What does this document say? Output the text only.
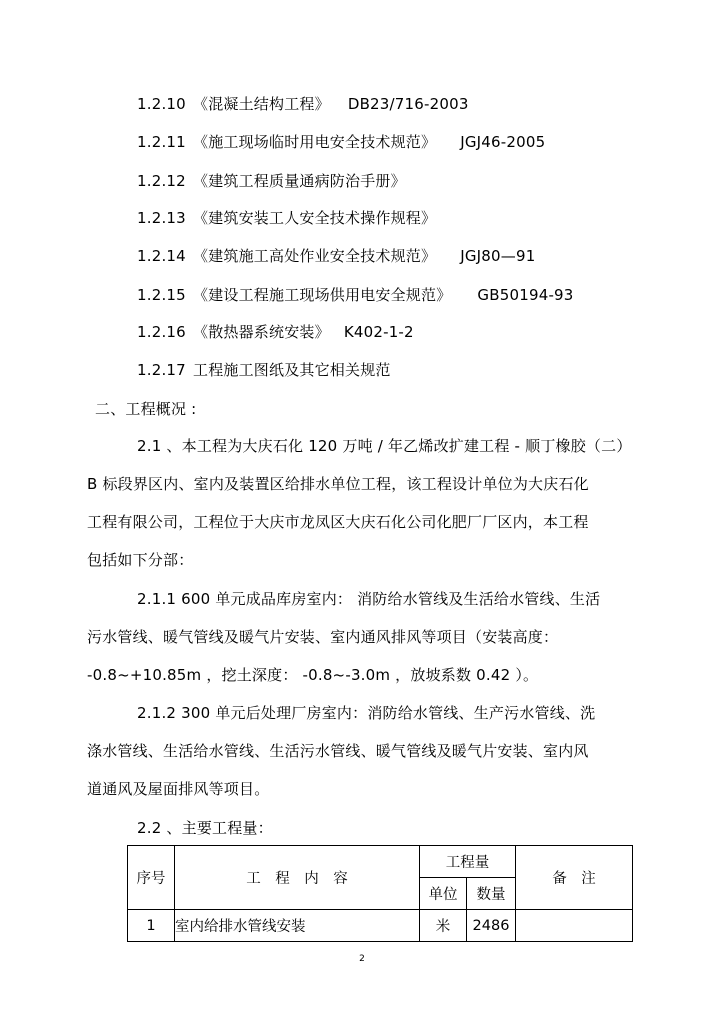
1.2.10 《混凝土结构工程》 DB23/716-2003
1.2.11 《施工现场临时用电安全技术规范》 JGJ46-2005
1.2.12 《建筑工程质量通病防治手册》
1.2.13 《建筑安装工人安全技术操作规程》
1.2.14 《建筑施工高处作业安全技术规范》 JGJ80—91
1.2.15 《建设工程施工现场供用电安全规范》 GB50194-93
1.2.16 《散热器系统安装》 K402-1-2
1.2.17 工程施工图纸及其它相关规范
二、工程概况 :
2.1 、本工程为大庆石化 120 万吨 / 年乙烯改扩建工程 - 顺丁橡胶（二）
B 标段界区内、室内及装置区给排水单位工程，该工程设计单位为大庆石化
工程有限公司，工程位于大庆市龙凤区大庆石化公司化肥厂厂区内，本工程
包括如下分部：
2.1.1 600 单元成品库房室内： 消防给水管线及生活给水管线、生活
污水管线、暖气管线及暖气片安装、室内通风排风等项目（安装高度：
-0.8~+10.85m ，挖土深度： -0.8~-3.0m ，放坡系数 0.42 ）。
2.1.2 300 单元后处理厂房室内：消防给水管线、生产污水管线、洗
涤水管线、生活给水管线、生活污水管线、暖气管线及暖气片安装、室内风
道通风及屋面排风等项目。
2.2 、主要工程量：
序号	工　程　内　容	工程量		备　注
		单位	数量	
1	室内给排水管线安装	米	2486	
2
